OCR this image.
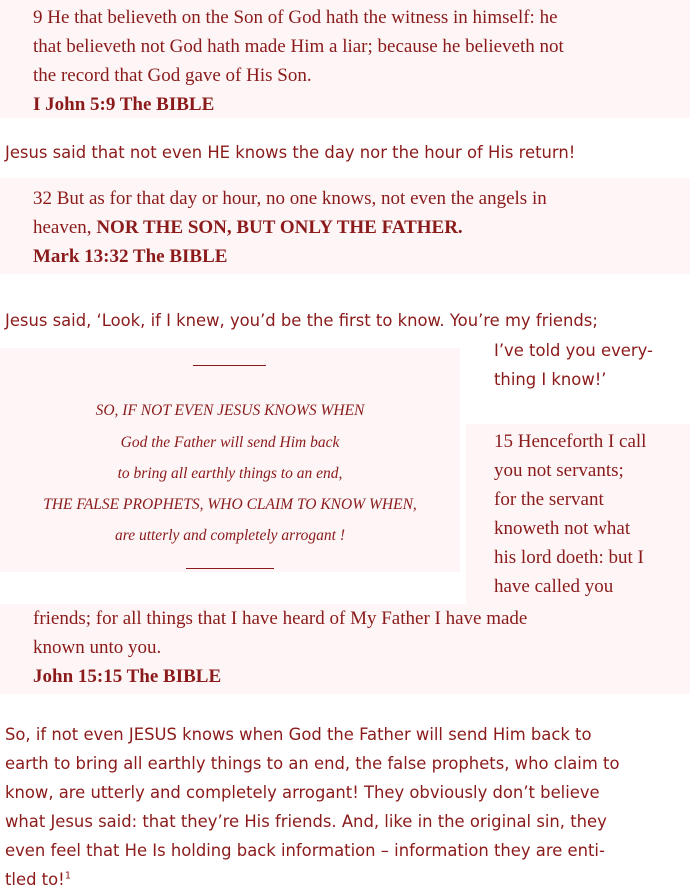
9 He that believeth on the Son of God hath the witness in himself: he
that believeth not God hath made Him a liar; because he believeth not
the record that God gave of His Son.
I John 5:9 The BIBLE
Jesus said that not even HE knows the day nor the hour of His return!
32 But as for that day or hour, no one knows, not even the angels in
heaven, NOR THE SON, BUT ONLY THE FATHER.
Mark 13:32 The BIBLE
Jesus said, ‘Look, if I knew, you’d be the first to know. You’re my friends;
I’ve told you every-
thing I know!’
SO, IF NOT EVEN JESUS KNOWS WHEN
God the Father will send Him back
to bring all earthly things to an end,
THE FALSE PROPHETS, WHO CLAIM TO KNOW WHEN,
are utterly and completely arrogant !
15 Henceforth I call
you not servants;
for the servant
knoweth not what
his lord doeth: but I
have called you
friends; for all things that I have heard of My Father I have made
known unto you.
John 15:15 The BIBLE
So, if not even JESUS knows when God the Father will send Him back to
earth to bring all earthly things to an end, the false prophets, who claim to
know, are utterly and completely arrogant! They obviously don’t believe
what Jesus said: that they’re His friends. And, like in the original sin, they
even feel that He Is holding back information – information they are enti-
tled to!$^1$
